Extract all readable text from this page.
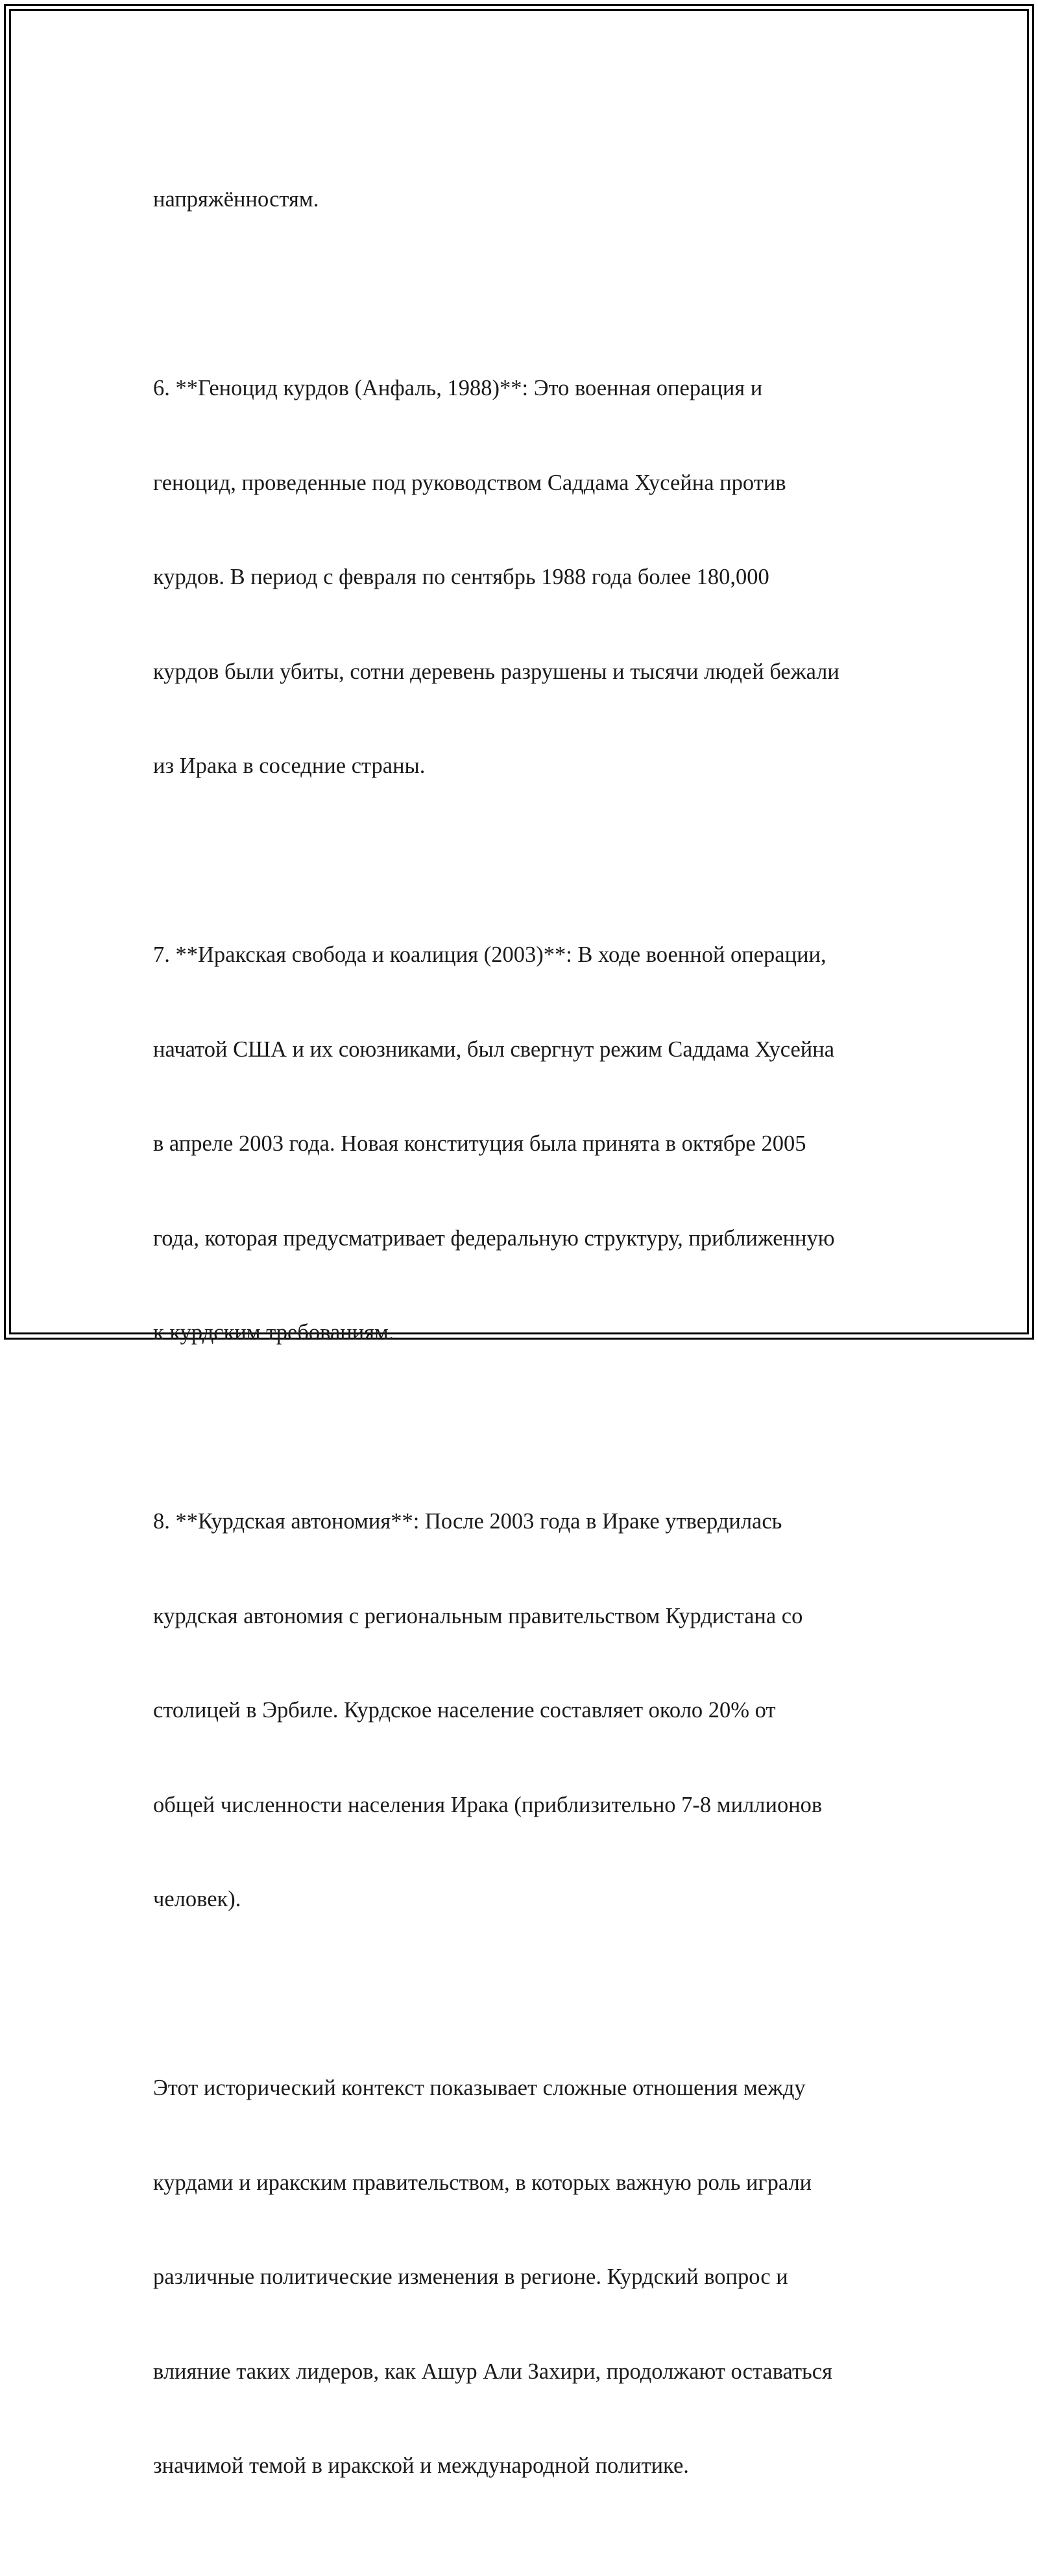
напряжённостям.

6. **Геноцид курдов (Анфаль, 1988)**: Это военная операция и

геноцид, проведенные под руководством Саддама Хусейна против

курдов. В период с февраля по сентябрь 1988 года более 180,000

курдов были убиты, сотни деревень разрушены и тысячи людей бежали

из Ирака в соседние страны.

7. **Иракская свобода и коалиция (2003)**: В ходе военной операции,

начатой США и их союзниками, был свергнут режим Саддама Хусейна

в апреле 2003 года. Новая конституция была принята в октябре 2005

года, которая предусматривает федеральную структуру, приближенную

к курдским требованиям.

8. **Курдская автономия**: После 2003 года в Ираке утвердилась

курдская автономия с региональным правительством Курдистана со

столицей в Эрбиле. Курдское население составляет около 20% от

общей численности населения Ирака (приблизительно 7-8 миллионов

человек).

Этот исторический контекст показывает сложные отношения между

курдами и иракским правительством, в которых важную роль играли

различные политические изменения в регионе. Курдский вопрос и

влияние таких лидеров, как Ашур Али Захири, продолжают оставаться

значимой темой в иракской и международной политике.
